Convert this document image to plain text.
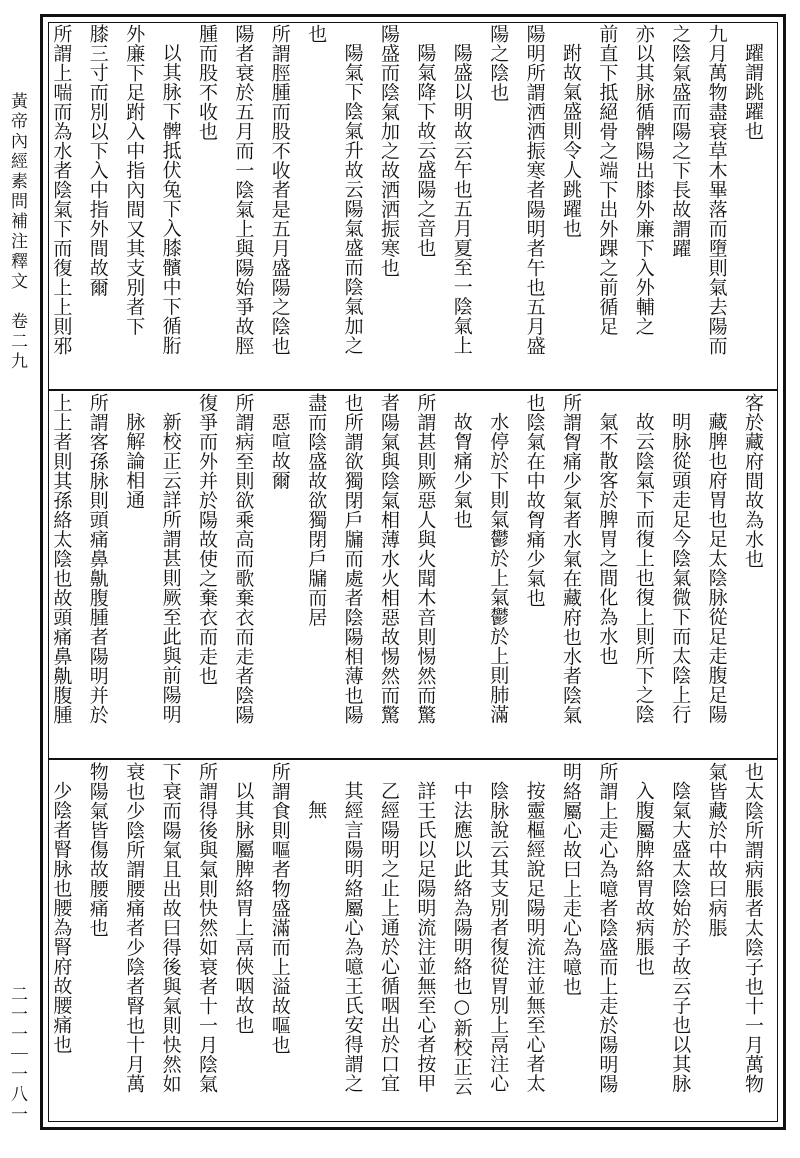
黃帝內經素問補注釋文　卷二九
二一一｜一八一
躍謂跳躍也
九月萬物盡衰草木畢落而墮則氣去陽而
之陰氣盛而陽之下長故謂躍
亦以其脉循髀陽出膝外廉下入外輔之
前直下抵絕骨之端下出外踝之前循足
跗故氣盛則令人跳躍也
陽明所謂洒洒振寒者陽明者午也五月盛
陽之陰也
陽盛以明故云午也五月夏至一陰氣上
陽氣降下故云盛陽之音也
陽盛而陰氣加之故洒洒振寒也
陽氣下陰氣升故云陽氣盛而陰氣加之
也
所謂脛腫而股不收者是五月盛陽之陰也
陽者衰於五月而一陰氣上與陽始爭故脛
腫而股不收也
以其脉下髀抵伏兔下入膝髕中下循胻
外廉下足跗入中指內間又其支別者下
膝三寸而別以下入中指外間故爾
所謂上喘而為水者陰氣下而復上上則邪
客於藏府間故為水也
藏脾也府胃也足太陰脉從足走腹足陽
明脉從頭走足今陰氣微下而太陰上行
故云陰氣下而復上也復上則所下之陰
氣不散客於脾胃之間化為水也
所謂胷痛少氣者水氣在藏府也水者陰氣
也陰氣在中故胷痛少氣也
水停於下則氣鬱於上氣鬱於上則肺滿
故胷痛少氣也
所謂甚則厥惡人與火聞木音則惕然而驚
者陽氣與陰氣相薄水火相惡故惕然而驚
也所謂欲獨閉戶牖而處者陰陽相薄也陽
盡而陰盛故欲獨閉戶牖而居
惡喧故爾
所謂病至則欲乘高而歌棄衣而走者陰陽
復爭而外并於陽故使之棄衣而走也
新校正云詳所謂甚則厥至此與前陽明
脉解論相通
所謂客孫脉則頭痛鼻鼽腹腫者陽明并於
上上者則其孫絡太陰也故頭痛鼻鼽腹腫
也太陰所謂病脹者太陰子也十一月萬物
氣皆藏於中故曰病脹
陰氣大盛太陰始於子故云子也以其脉
入腹屬脾絡胃故病脹也
所謂上走心為噫者陰盛而上走於陽明陽
明絡屬心故曰上走心為噫也
按靈樞經說足陽明流注並無至心者太
陰脉說云其支別者復從胃別上鬲注心
中法應以此絡為陽明絡也○新校正云
詳王氏以足陽明流注並無至心者按甲
乙經陽明之止上通於心循咽出於口宜
其經言陽明絡屬心為噫王氏安得謂之
無
所謂食則嘔者物盛滿而上溢故嘔也
以其脉屬脾絡胃上鬲俠咽故也
所謂得後與氣則快然如衰者十一月陰氣
下衰而陽氣且出故曰得後與氣則快然如
衰也少陰所謂腰痛者少陰者腎也十月萬
物陽氣皆傷故腰痛也
少陰者腎脉也腰為腎府故腰痛也
